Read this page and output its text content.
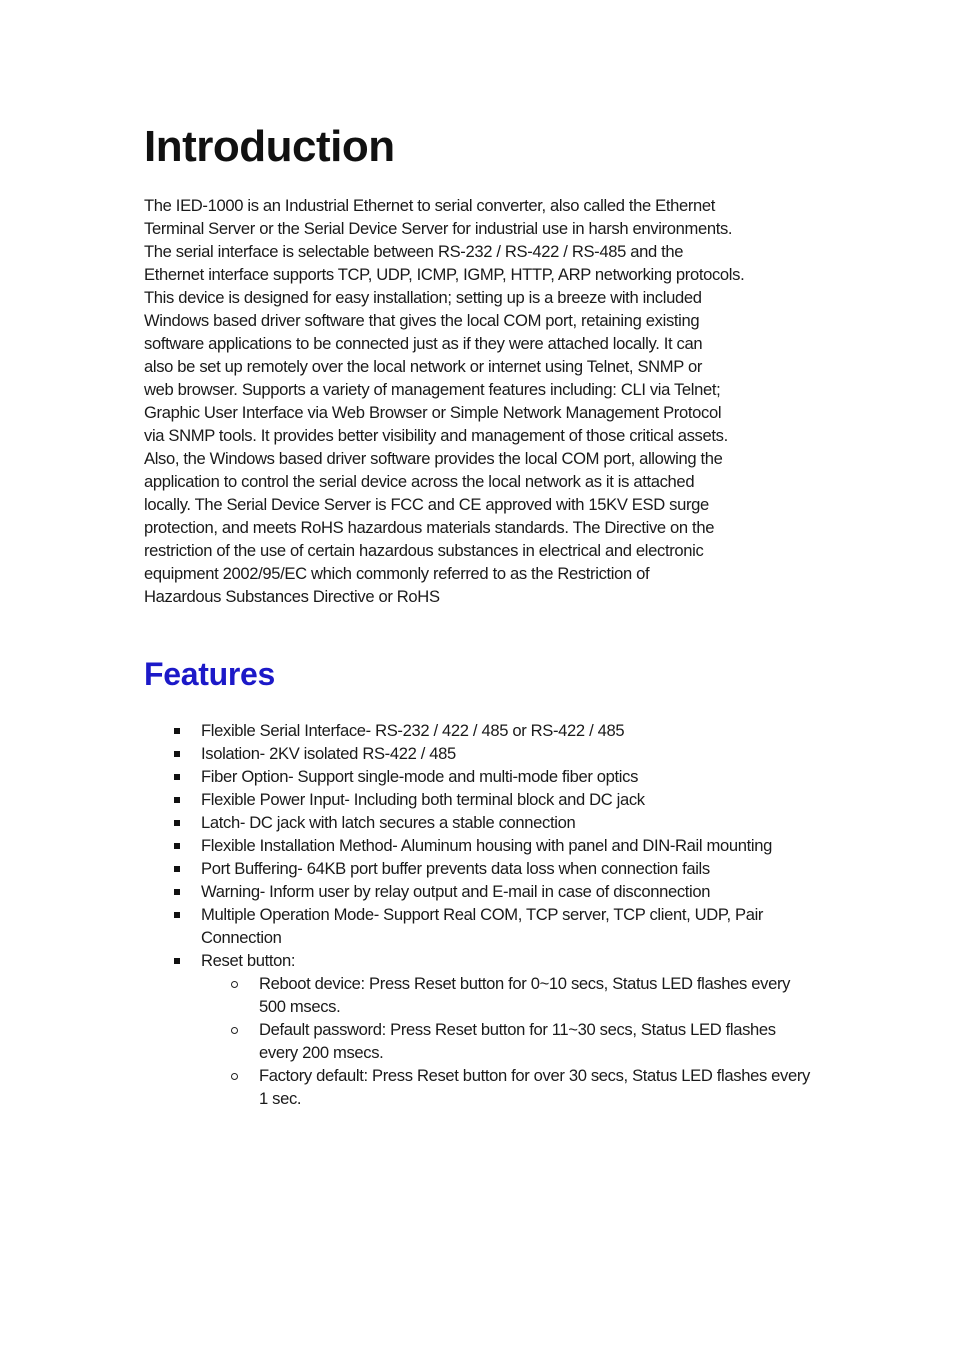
Introduction

The IED-1000 is an Industrial Ethernet to serial converter, also called the Ethernet
Terminal Server or the Serial Device Server for industrial use in harsh environments.
The serial interface is selectable between RS-232 / RS-422 / RS-485 and the
Ethernet interface supports TCP, UDP, ICMP, IGMP, HTTP, ARP networking protocols.
This device is designed for easy installation; setting up is a breeze with included
Windows based driver software that gives the local COM port, retaining existing
software applications to be connected just as if they were attached locally. It can
also be set up remotely over the local network or internet using Telnet, SNMP or
web browser. Supports a variety of management features including: CLI via Telnet;
Graphic User Interface via Web Browser or Simple Network Management Protocol
via SNMP tools. It provides better visibility and management of those critical assets.
Also, the Windows based driver software provides the local COM port, allowing the
application to control the serial device across the local network as it is attached
locally. The Serial Device Server is FCC and CE approved with 15KV ESD surge
protection, and meets RoHS hazardous materials standards. The Directive on the
restriction of the use of certain hazardous substances in electrical and electronic
equipment 2002/95/EC which commonly referred to as the Restriction of
Hazardous Substances Directive or RoHS

Features
Flexible Serial Interface- RS-232 / 422 / 485 or RS-422 / 485
Isolation- 2KV isolated RS-422 / 485
Fiber Option- Support single-mode and multi-mode fiber optics
Flexible Power Input- Including both terminal block and DC jack
Latch- DC jack with latch secures a stable connection
Flexible Installation Method- Aluminum housing with panel and DIN-Rail mounting
Port Buffering- 64KB port buffer prevents data loss when connection fails
Warning- Inform user by relay output and E-mail in case of disconnection
Multiple Operation Mode- Support Real COM, TCP server, TCP client, UDP, Pair Connection
Reset button:
Reboot device: Press Reset button for 0~10 secs, Status LED flashes every 500 msecs.
Default password: Press Reset button for 11~30 secs, Status LED flashes every 200 msecs.
Factory default: Press Reset button for over 30 secs, Status LED flashes every 1 sec.
